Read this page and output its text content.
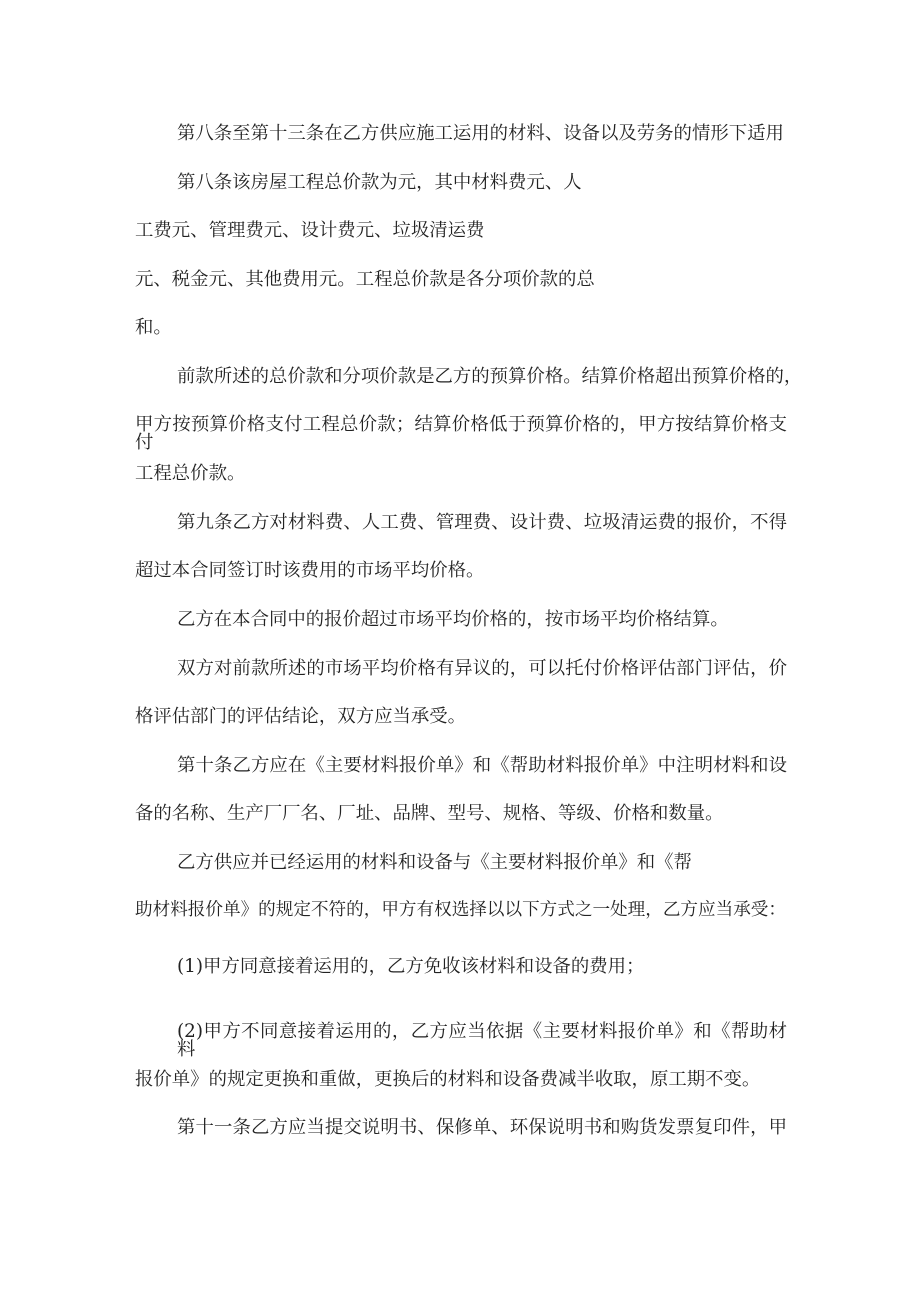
第八条至第十三条在乙方供应施工运用的材料、设备以及劳务的情形下适用

第八条该房屋工程总价款为元，其中材料费元、人

工费元、管理费元、设计费元、垃圾清运费

元、税金元、其他费用元。工程总价款是各分项价款的总

和。

前款所述的总价款和分项价款是乙方的预算价格。结算价格超出预算价格的，

甲方按预算价格支付工程总价款；结算价格低于预算价格的，甲方按结算价格支付

工程总价款。

第九条乙方对材料费、人工费、管理费、设计费、垃圾清运费的报价，不得

超过本合同签订时该费用的市场平均价格。

乙方在本合同中的报价超过市场平均价格的，按市场平均价格结算。

双方对前款所述的市场平均价格有异议的，可以托付价格评估部门评估，价

格评估部门的评估结论，双方应当承受。

第十条乙方应在《主要材料报价单》和《帮助材料报价单》中注明材料和设

备的名称、生产厂厂名、厂址、品牌、型号、规格、等级、价格和数量。

乙方供应并已经运用的材料和设备与《主要材料报价单》和《帮

助材料报价单》的规定不符的，甲方有权选择以以下方式之一处理，乙方应当承受：

(1)甲方同意接着运用的，乙方免收该材料和设备的费用；

(2)甲方不同意接着运用的，乙方应当依据《主要材料报价单》和《帮助材料

报价单》的规定更换和重做，更换后的材料和设备费减半收取，原工期不变。

第十一条乙方应当提交说明书、保修单、环保说明书和购货发票复印件，甲
